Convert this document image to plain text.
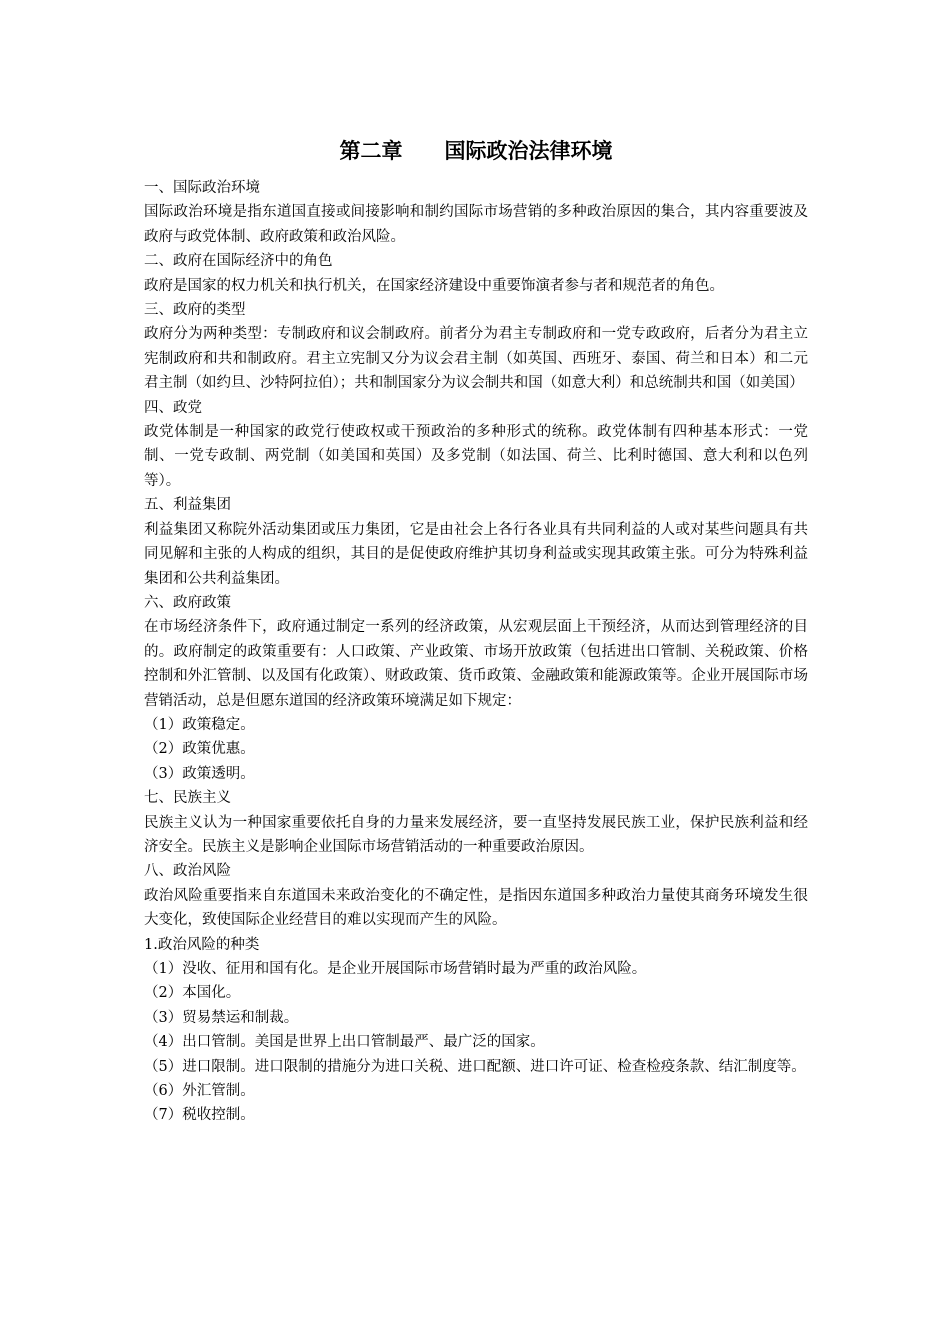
第二章　　国际政治法律环境

一、国际政治环境

国际政治环境是指东道国直接或间接影响和制约国际市场营销的多种政治原因的集合，其内容重要波及政府与政党体制、政府政策和政治风险。

二、政府在国际经济中的角色

政府是国家的权力机关和执行机关，在国家经济建设中重要饰演者参与者和规范者的角色。

三、政府的类型

政府分为两种类型：专制政府和议会制政府。前者分为君主专制政府和一党专政政府，后者分为君主立宪制政府和共和制政府。君主立宪制又分为议会君主制（如英国、西班牙、泰国、荷兰和日本）和二元君主制（如约旦、沙特阿拉伯）；共和制国家分为议会制共和国（如意大利）和总统制共和国（如美国）

四、政党

政党体制是一种国家的政党行使政权或干预政治的多种形式的统称。政党体制有四种基本形式：一党制、一党专政制、两党制（如美国和英国）及多党制（如法国、荷兰、比利时德国、意大利和以色列等）。

五、利益集团

利益集团又称院外活动集团或压力集团，它是由社会上各行各业具有共同利益的人或对某些问题具有共同见解和主张的人构成的组织，其目的是促使政府维护其切身利益或实现其政策主张。可分为特殊利益集团和公共利益集团。

六、政府政策

在市场经济条件下，政府通过制定一系列的经济政策，从宏观层面上干预经济，从而达到管理经济的目的。政府制定的政策重要有：人口政策、产业政策、市场开放政策（包括进出口管制、关税政策、价格控制和外汇管制、以及国有化政策）、财政政策、货币政策、金融政策和能源政策等。企业开展国际市场营销活动，总是但愿东道国的经济政策环境满足如下规定：

（1）政策稳定。

（2）政策优惠。

（3）政策透明。

七、民族主义

民族主义认为一种国家重要依托自身的力量来发展经济，要一直坚持发展民族工业，保护民族利益和经济安全。民族主义是影响企业国际市场营销活动的一种重要政治原因。

八、政治风险

政治风险重要指来自东道国未来政治变化的不确定性，是指因东道国多种政治力量使其商务环境发生很大变化，致使国际企业经营目的难以实现而产生的风险。

1.政治风险的种类

（1）没收、征用和国有化。是企业开展国际市场营销时最为严重的政治风险。

（2）本国化。

（3）贸易禁运和制裁。

（4）出口管制。美国是世界上出口管制最严、最广泛的国家。

（5）进口限制。进口限制的措施分为进口关税、进口配额、进口许可证、检查检疫条款、结汇制度等。

（6）外汇管制。

（7）税收控制。
